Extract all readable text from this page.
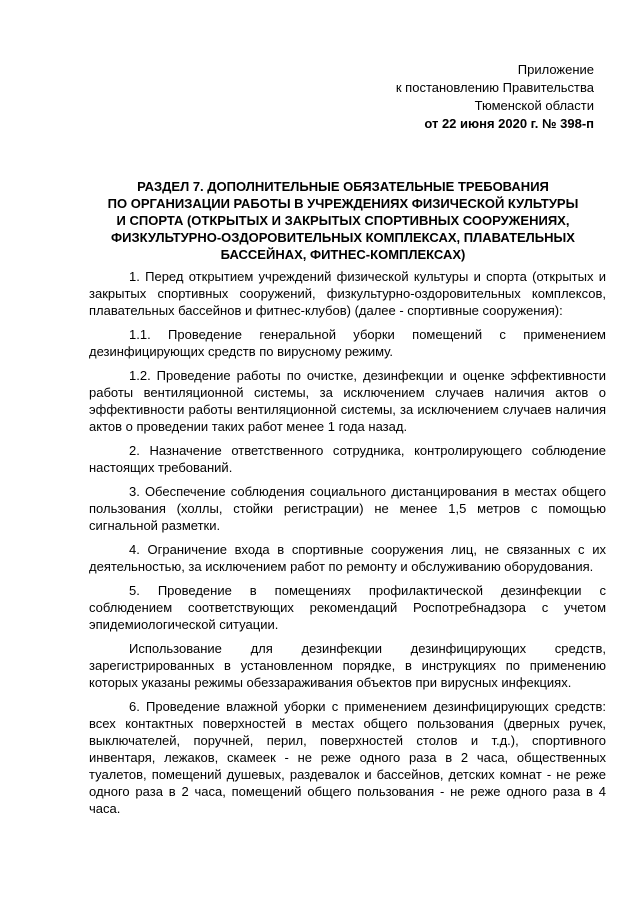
Приложение
к постановлению Правительства
Тюменской области
от 22 июня 2020 г. № 398-п
РАЗДЕЛ 7. ДОПОЛНИТЕЛЬНЫЕ ОБЯЗАТЕЛЬНЫЕ ТРЕБОВАНИЯ
ПО ОРГАНИЗАЦИИ РАБОТЫ В УЧРЕЖДЕНИЯХ ФИЗИЧЕСКОЙ КУЛЬТУРЫ
И СПОРТА (ОТКРЫТЫХ И ЗАКРЫТЫХ СПОРТИВНЫХ СООРУЖЕНИЯХ,
ФИЗКУЛЬТУРНО-ОЗДОРОВИТЕЛЬНЫХ КОМПЛЕКСАХ, ПЛАВАТЕЛЬНЫХ
БАССЕЙНАХ, ФИТНЕС-КОМПЛЕКСАХ)

1. Перед открытием учреждений физической культуры и спорта (открытых и закрытых спортивных сооружений, физкультурно-оздоровительных комплексов, плавательных бассейнов и фитнес-клубов) (далее - спортивные сооружения):

1.1. Проведение генеральной уборки помещений с применением дезинфицирующих средств по вирусному режиму.

1.2. Проведение работы по очистке, дезинфекции и оценке эффективности работы вентиляционной системы, за исключением случаев наличия актов о эффективности работы вентиляционной системы, за исключением случаев наличия актов о проведении таких работ менее 1 года назад.

2. Назначение ответственного сотрудника, контролирующего соблюдение настоящих требований.

3. Обеспечение соблюдения социального дистанцирования в местах общего пользования (холлы, стойки регистрации) не менее 1,5 метров с помощью сигнальной разметки.

4. Ограничение входа в спортивные сооружения лиц, не связанных с их деятельностью, за исключением работ по ремонту и обслуживанию оборудования.

5. Проведение в помещениях профилактической дезинфекции с соблюдением соответствующих рекомендаций Роспотребнадзора с учетом эпидемиологической ситуации.

Использование для дезинфекции дезинфицирующих средств, зарегистрированных в установленном порядке, в инструкциях по применению которых указаны режимы обеззараживания объектов при вирусных инфекциях.

6. Проведение влажной уборки с применением дезинфицирующих средств: всех контактных поверхностей в местах общего пользования (дверных ручек, выключателей, поручней, перил, поверхностей столов и т.д.), спортивного инвентаря, лежаков, скамеек - не реже одного раза в 2 часа, общественных туалетов, помещений душевых, раздевалок и бассейнов, детских комнат - не реже одного раза в 2 часа, помещений общего пользования - не реже одного раза в 4 часа.
